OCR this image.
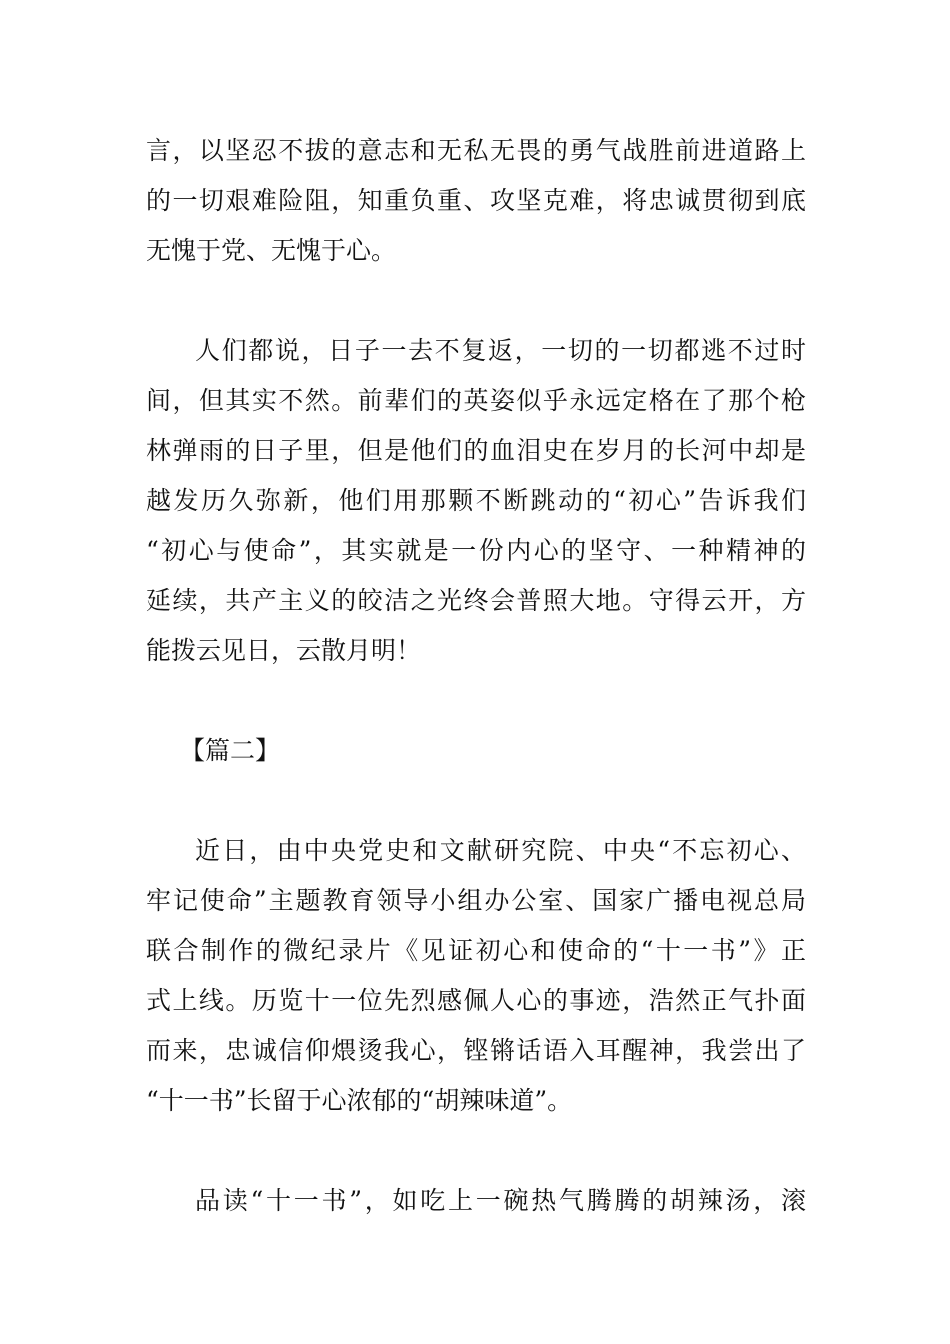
言，以坚忍不拔的意志和无私无畏的勇气战胜前进道路上
的一切艰难险阻，知重负重、攻坚克难，将忠诚贯彻到底
无愧于党、无愧于心。
人们都说，日子一去不复返，一切的一切都逃不过时
间，但其实不然。前辈们的英姿似乎永远定格在了那个枪
林弹雨的日子里，但是他们的血泪史在岁月的长河中却是
越发历久弥新，他们用那颗不断跳动的“初心”告诉我们
“初心与使命”，其实就是一份内心的坚守、一种精神的
延续，共产主义的皎洁之光终会普照大地。守得云开，方
能拨云见日，云散月明！
【篇二】
近日，由中央党史和文献研究院、中央“不忘初心、
牢记使命”主题教育领导小组办公室、国家广播电视总局
联合制作的微纪录片《见证初心和使命的“十一书”》正
式上线。历览十一位先烈感佩人心的事迹，浩然正气扑面
而来，忠诚信仰煨烫我心，铿锵话语入耳醒神，我尝出了
“十一书”长留于心浓郁的“胡辣味道”。
品读“十一书”，如吃上一碗热气腾腾的胡辣汤，滚
